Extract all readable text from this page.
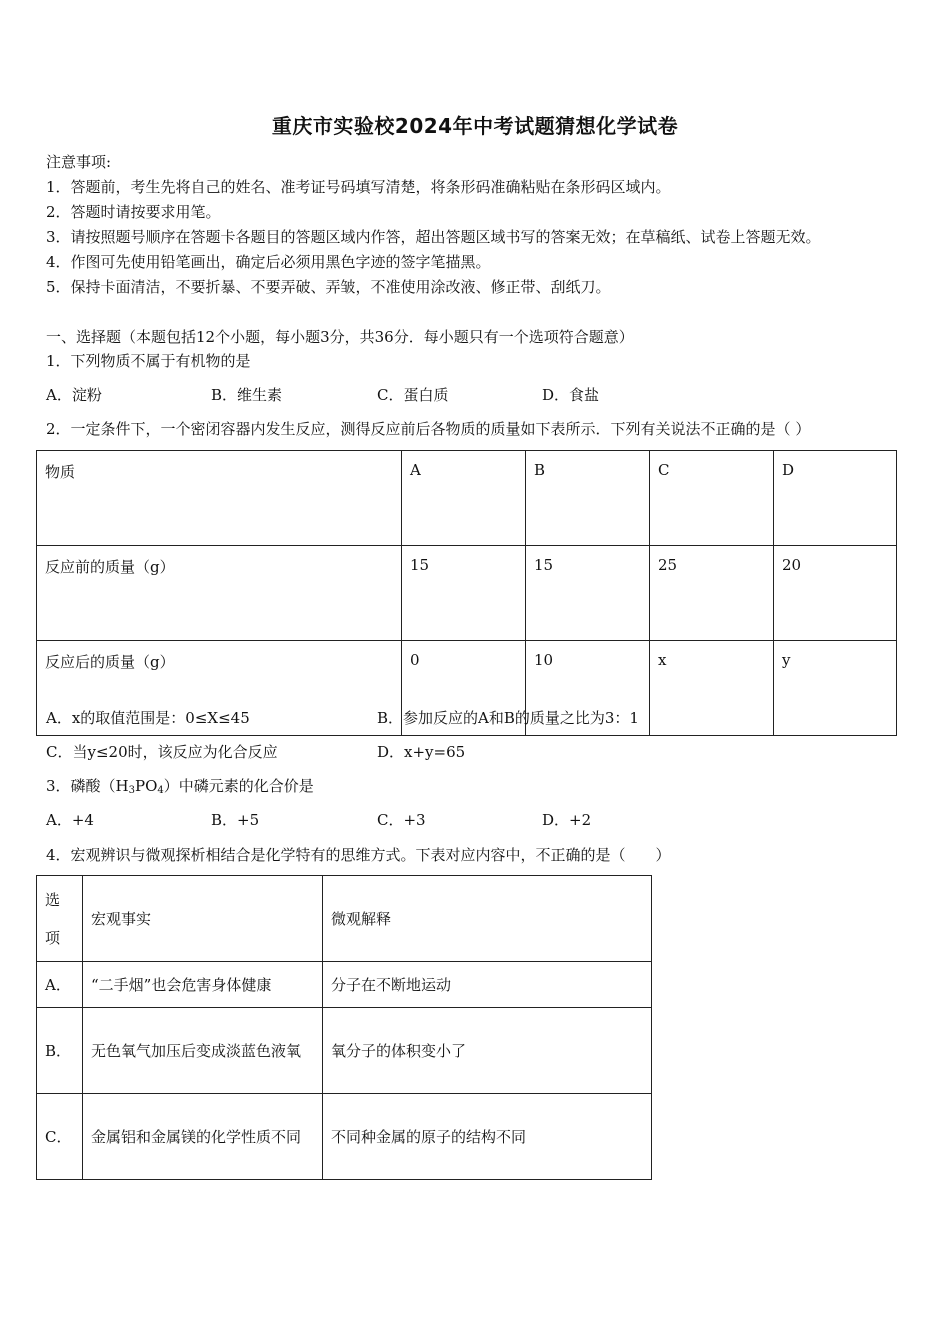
重庆市实验校2024年中考试题猜想化学试卷
注意事项:
1．答题前，考生先将自己的姓名、准考证号码填写清楚，将条形码准确粘贴在条形码区域内。
2．答题时请按要求用笔。
3．请按照题号顺序在答题卡各题目的答题区域内作答，超出答题区域书写的答案无效；在草稿纸、试卷上答题无效。
4．作图可先使用铅笔画出，确定后必须用黑色字迹的签字笔描黑。
5．保持卡面清洁，不要折暴、不要弄破、弄皱，不准使用涂改液、修正带、刮纸刀。
一、选择题（本题包括12个小题，每小题3分，共36分．每小题只有一个选项符合题意）
1．下列物质不属于有机物的是
A．淀粉	B．维生素	C．蛋白质	D．食盐
2．一定条件下，一个密闭容器内发生反应，测得反应前后各物质的质量如下表所示．下列有关说法不正确的是（ ）
物质	A	B	C	D
反应前的质量（g）	15	15	25	20
反应后的质量（g）	0	10	x	y
A．x的取值范围是：0≤X≤45	B．参加反应的A和B的质量之比为3：1
C．当y≤20时，该反应为化合反应	D．x+y=65
3．磷酸$(H_3PO_4)$中磷元素的化合价是
A．+4	B．+5	C．+3	D．+2
4．宏观辨识与微观探析相结合是化学特有的思维方式。下表对应内容中，不正确的是（　　）
选项	宏观事实	微观解释
A．	“二手烟”也会危害身体健康	分子在不断地运动
B．	无色氧气加压后变成淡蓝色液氧	氧分子的体积变小了
C．	金属铝和金属镁的化学性质不同	不同种金属的原子的结构不同
